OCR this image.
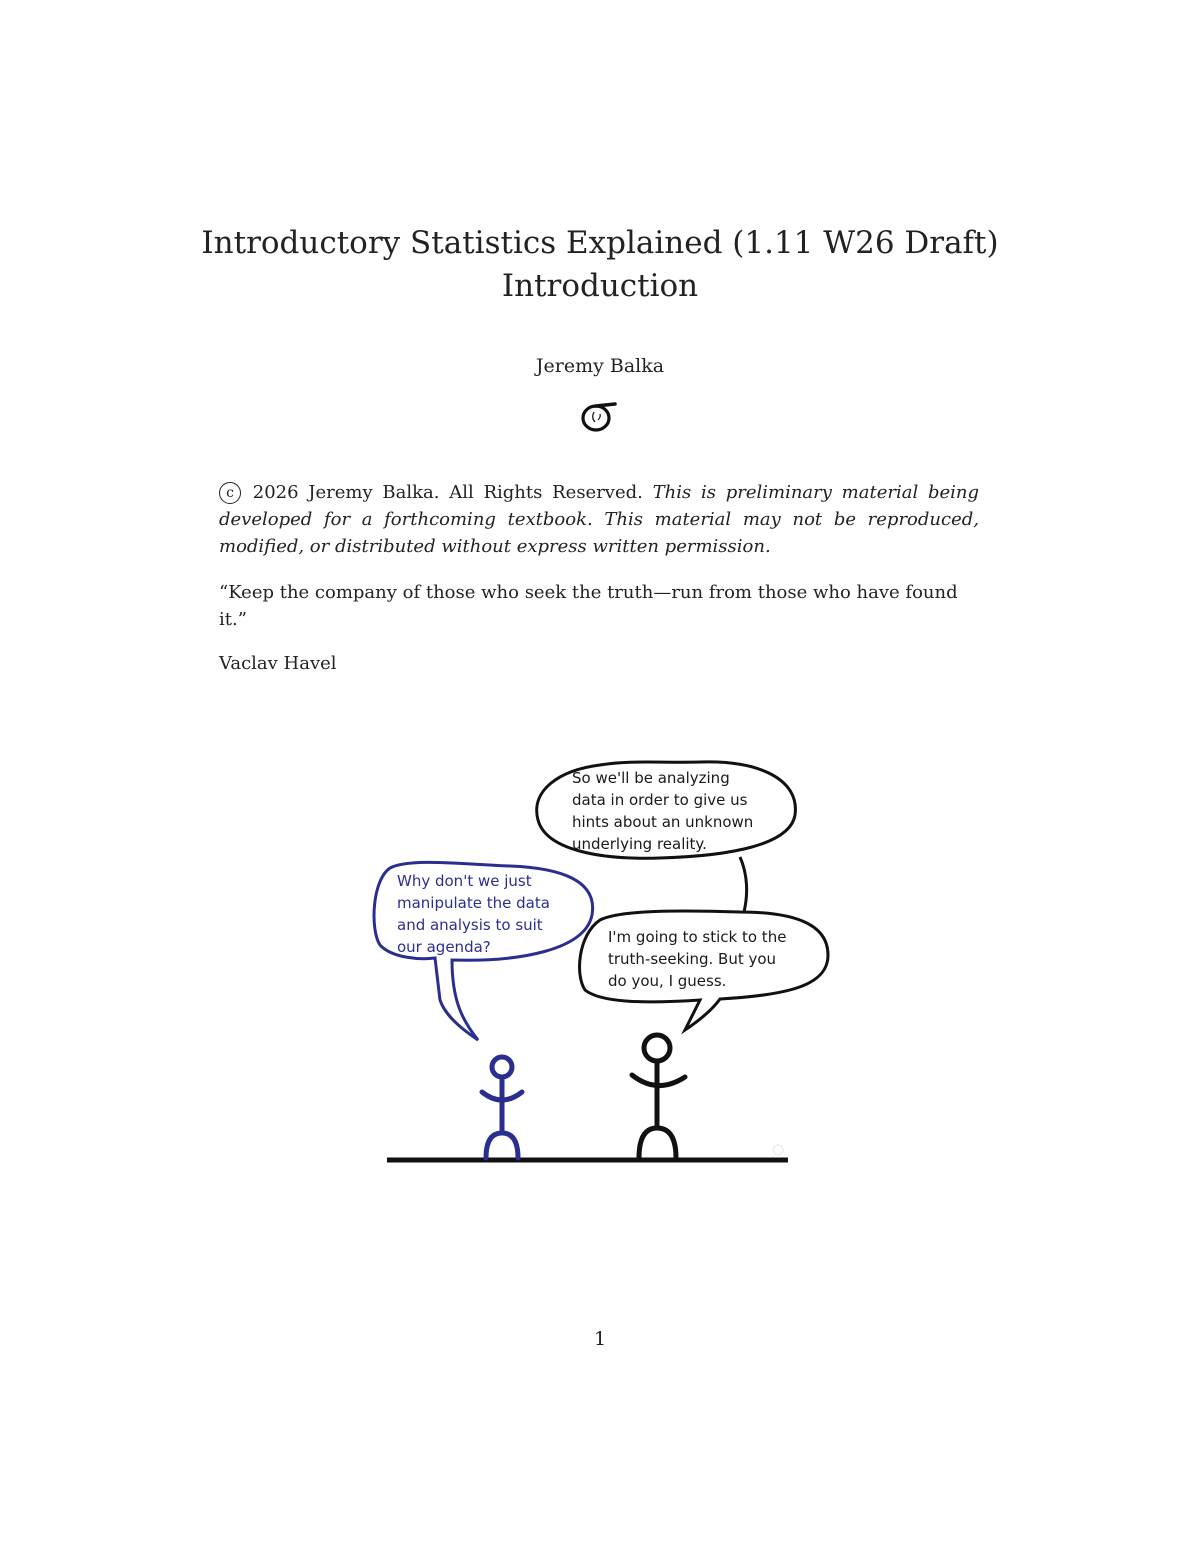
Introductory Statistics Explained (1.11 W26 Draft)
Introduction
Jeremy Balka
c 2026 Jeremy Balka. All Rights Reserved. This is preliminary material being developed for a forthcoming textbook. This material may not be reproduced, modified, or distributed without express written permission.

“Keep the company of those who seek the truth—run from those who have found it.”

Vaclav Havel
Why don't we just
manipulate the data
and analysis to suit
our agenda?
So we'll be analyzing
data in order to give us
hints about an unknown
underlying reality.
I'm going to stick to the
truth-seeking. But you
do you, I guess.
1
